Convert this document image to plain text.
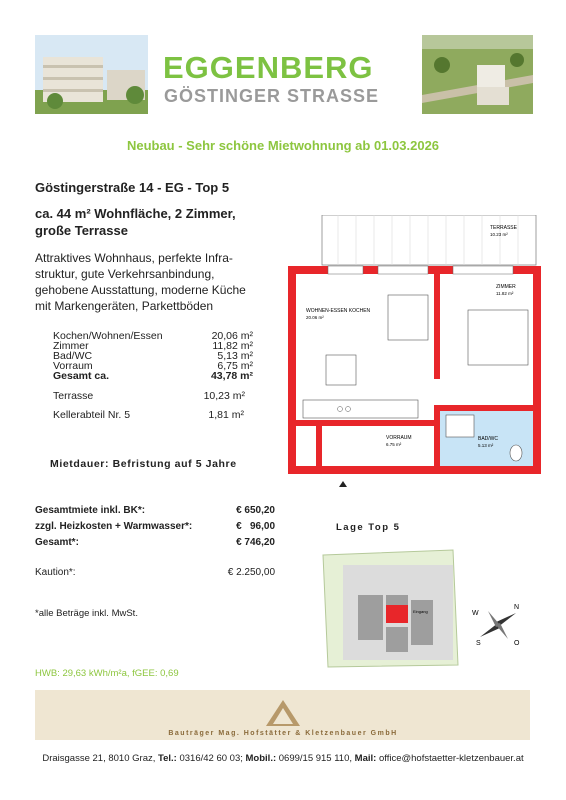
EGGENBERG
GÖSTINGER STRASSE
Neubau - Sehr schöne Mietwohnung ab 01.03.2026
Göstingerstraße 14 - EG - Top 5
ca. 44 m² Wohnfläche, 2 Zimmer,
große Terrasse
Attraktives Wohnhaus, perfekte Infra-
struktur, gute Verkehrsanbindung,
gehobene Ausstattung, moderne Küche
mit Markengeräten, Parkettböden
Kochen/Wohnen/Essen	20,06 m²
Zimmer	11,82 m²
Bad/WC	5,13 m²
Vorraum	6,75 m²
Gesamt ca.	43,78 m²
Terrasse	10,23 m²
Kellerabteil Nr. 5	1,81 m²
Mietdauer: Befristung auf 5 Jahre
TERRASSE
10.23 m²
BAD/WC
5.13 m²
WOHNEN-ESSEN KOCHEN
20.06 m²
ZIMMER
11.82 m²
VORRAUM
6.75 m²
Gesamtmiete inkl. BK*:	€ 650,20
zzgl. Heizkosten + Warmwasser*:	€   96,00
Gesamt*:	€ 746,20
Kaution*:	€ 2.250,00
*alle Beträge inkl. MwSt.
Lage Top 5
Eingang
N
W
O
S
HWB: 29,63 kWh/m²a, fGEE: 0,69
Bauträger Mag. Hofstätter & Kletzenbauer GmbH
Draisgasse 21, 8010 Graz, Tel.: 0316/42 60 03; Mobil.: 0699/15 915 110, Mail: office@hofstaetter-kletzenbauer.at
